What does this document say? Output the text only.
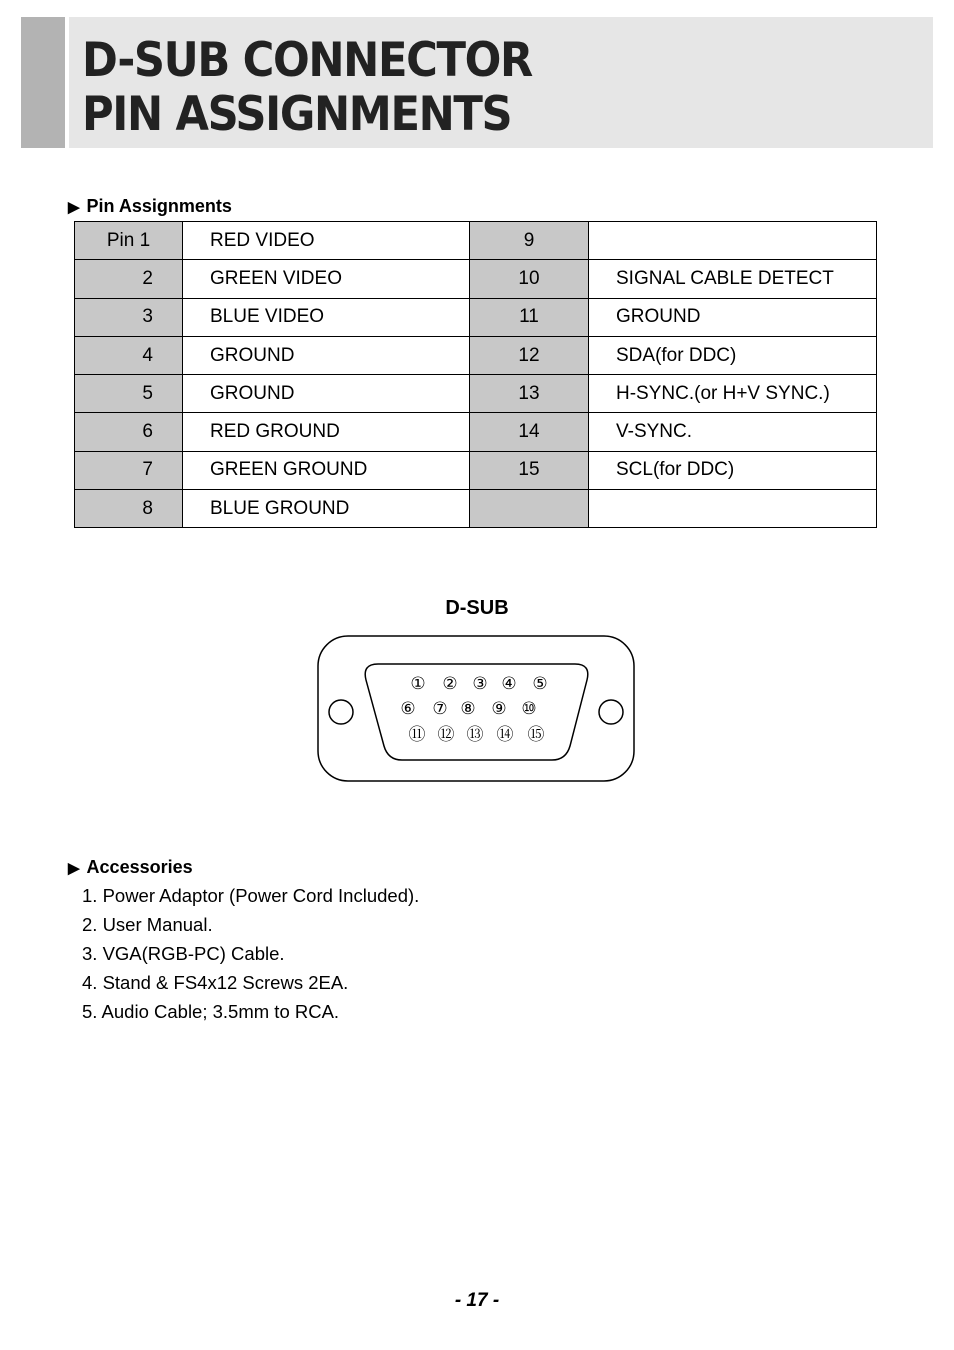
D-SUB CONNECTOR
PIN ASSIGNMENTS
▶ Pin Assignments
Pin 1	RED VIDEO	9	
2	GREEN VIDEO	10	SIGNAL CABLE DETECT
3	BLUE VIDEO	11	GROUND
4	GROUND	12	SDA(for DDC)
5	GROUND	13	H-SYNC.(or H+V SYNC.)
6	RED GROUND	14	V-SYNC.
7	GREEN GROUND	15	SCL(for DDC)
8	BLUE GROUND		
D-SUB
① ② ③ ④ ⑤
⑥ ⑦ ⑧ ⑨ ⑩
⑪ ⑫ ⑬ ⑭ ⑮
▶ Accessories
1. Power Adaptor (Power Cord Included).
2. User Manual.
3. VGA(RGB-PC) Cable.
4. Stand & FS4x12 Screws 2EA.
5. Audio Cable; 3.5mm to RCA.
- 17 -
